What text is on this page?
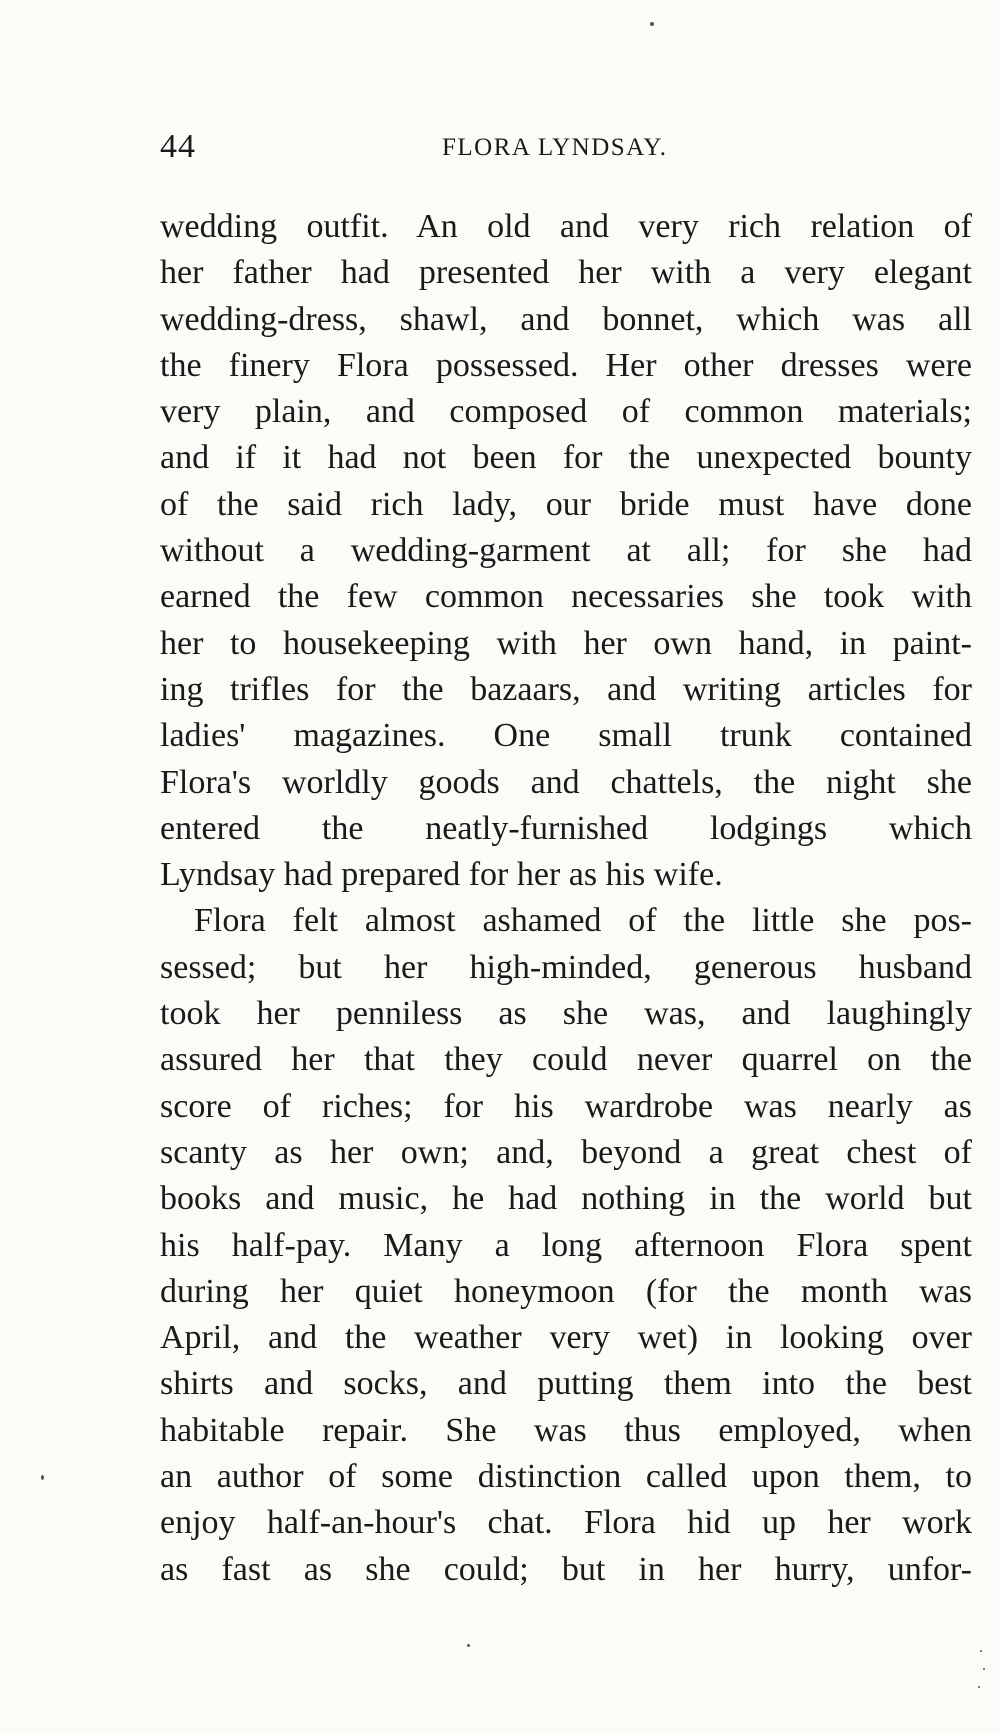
44	FLORA LYNDSAY.
wedding outfit. An old and very rich relation of
her father had presented her with a very elegant
wedding-dress, shawl, and bonnet, which was all
the finery Flora possessed. Her other dresses were
very plain, and composed of common materials;
and if it had not been for the unexpected bounty
of the said rich lady, our bride must have done
without a wedding-garment at all; for she had
earned the few common necessaries she took with
her to housekeeping with her own hand, in paint-
ing trifles for the bazaars, and writing articles for
ladies' magazines. One small trunk contained
Flora's worldly goods and chattels, the night she
entered the neatly-furnished lodgings which
Lyndsay had prepared for her as his wife.
Flora felt almost ashamed of the little she pos-
sessed; but her high-minded, generous husband
took her penniless as she was, and laughingly
assured her that they could never quarrel on the
score of riches; for his wardrobe was nearly as
scanty as her own; and, beyond a great chest of
books and music, he had nothing in the world but
his half-pay. Many a long afternoon Flora spent
during her quiet honeymoon (for the month was
April, and the weather very wet) in looking over
shirts and socks, and putting them into the best
habitable repair. She was thus employed, when
an author of some distinction called upon them, to
enjoy half-an-hour's chat. Flora hid up her work
as fast as she could; but in her hurry, unfor-
